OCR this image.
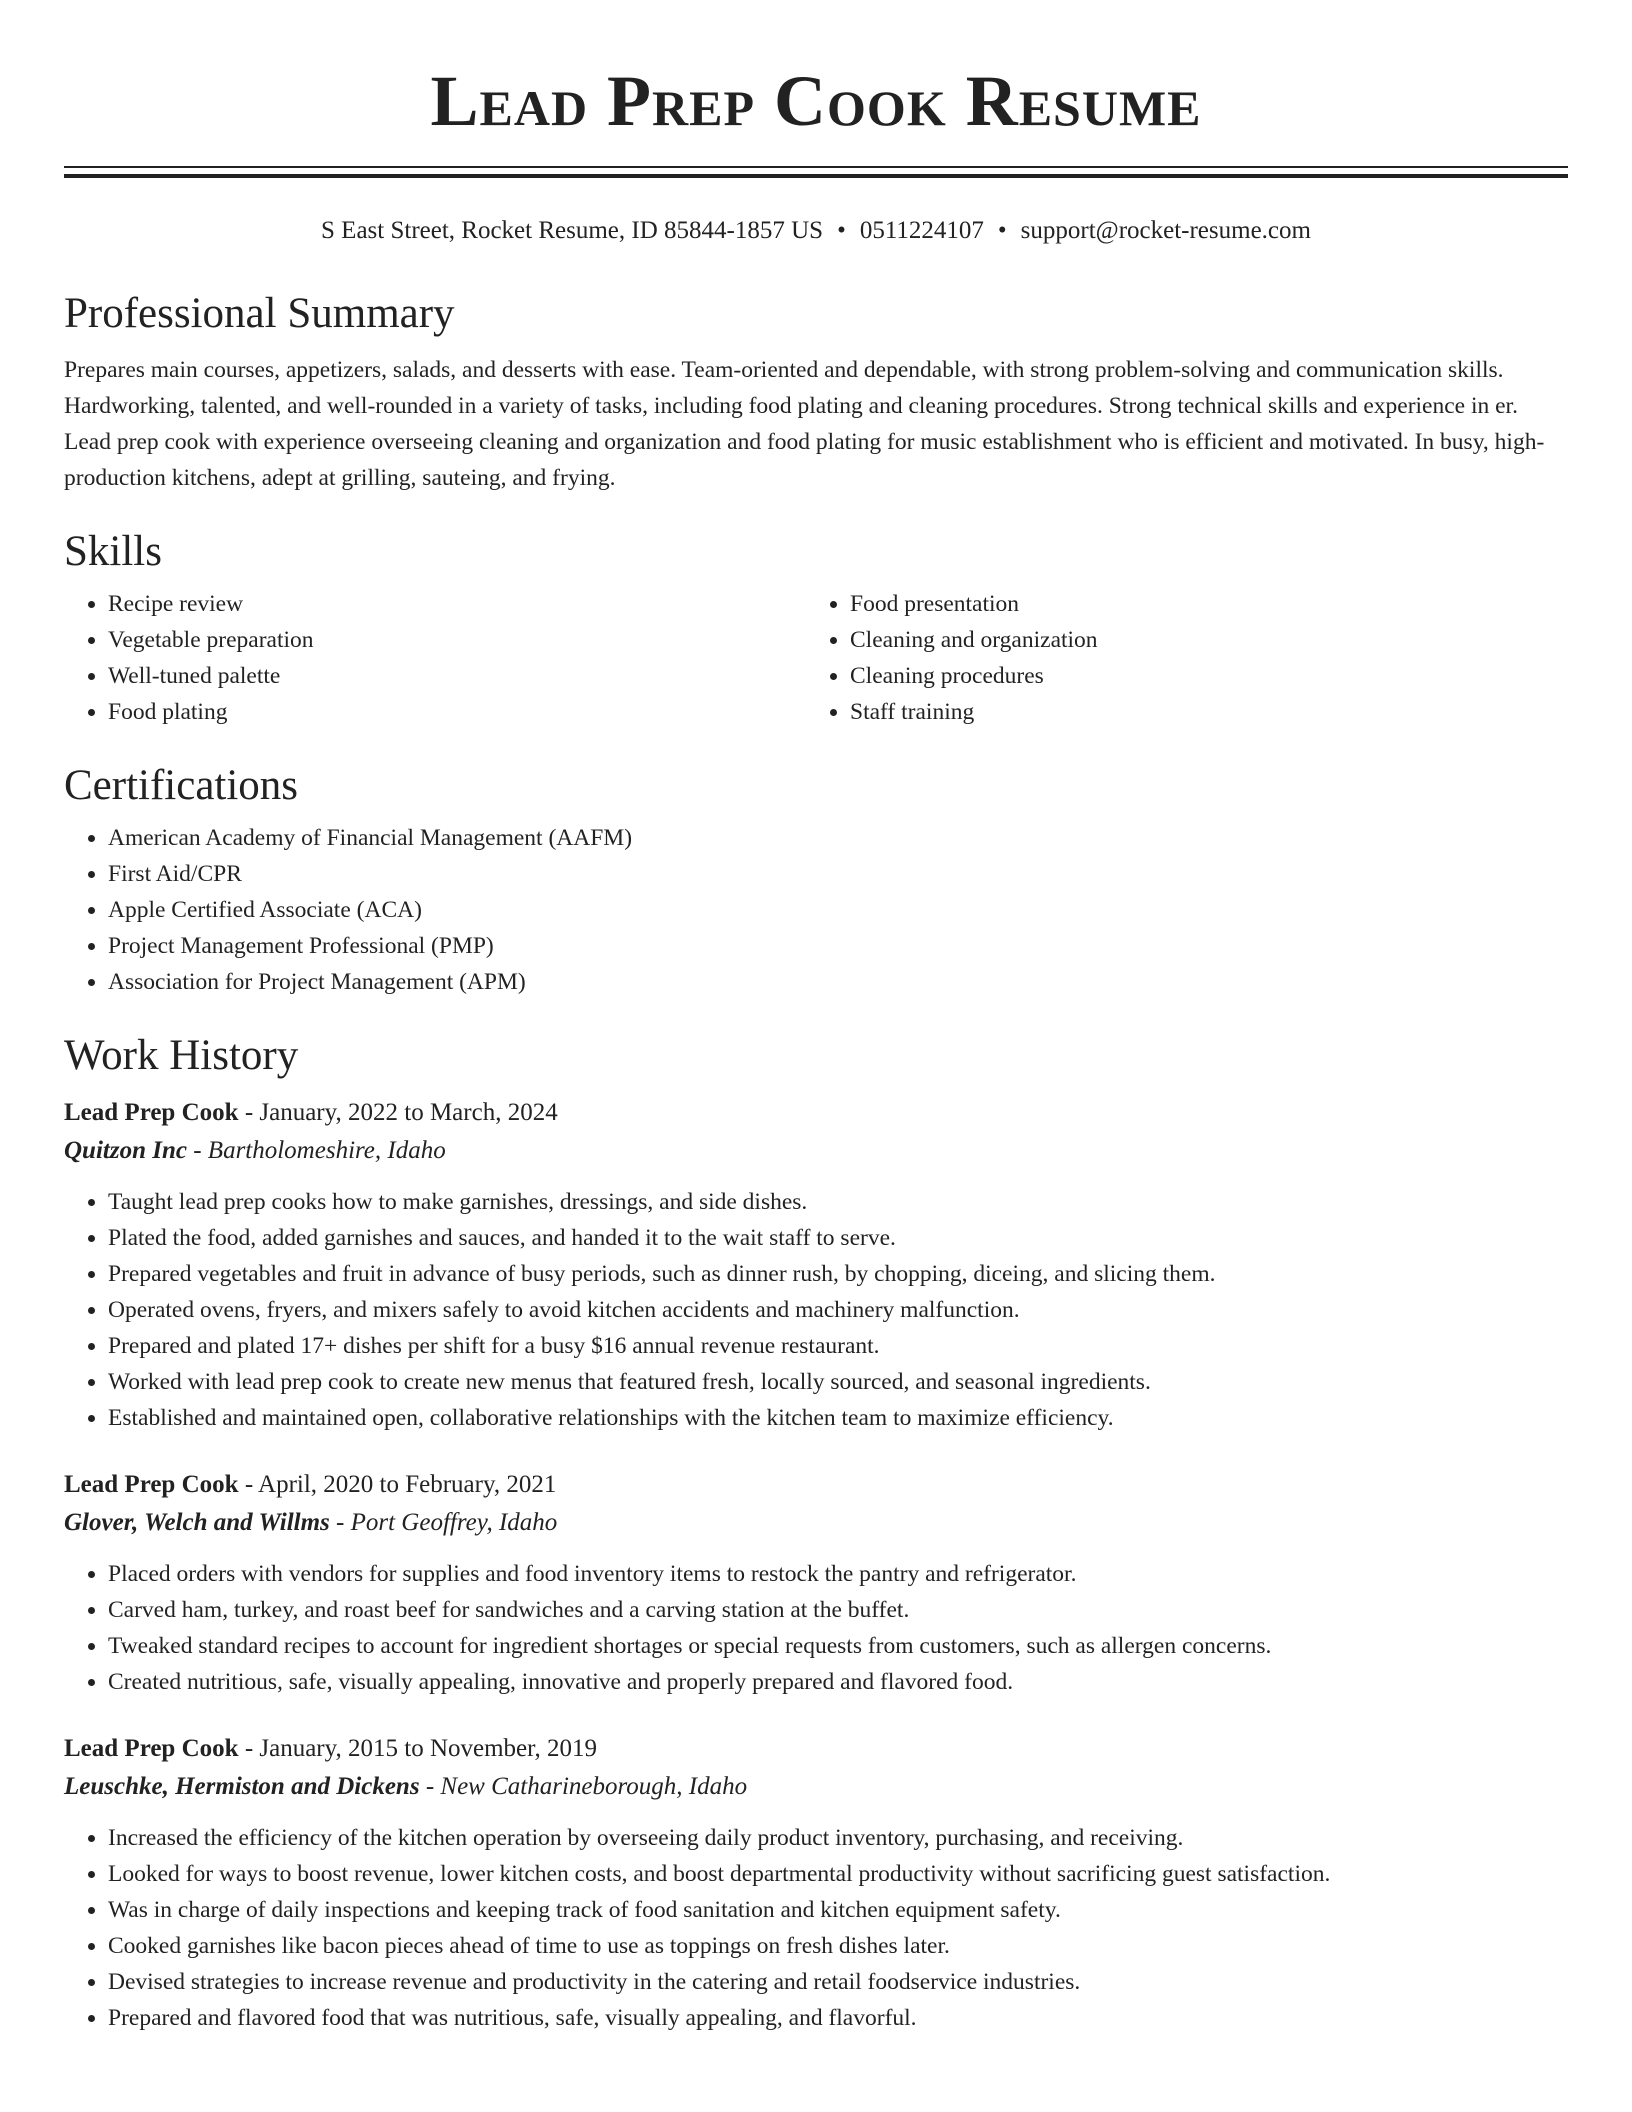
Lead Prep Cook Resume
S East Street, Rocket Resume, ID 85844-1857 US • 0511224107 • support@rocket-resume.com
Professional Summary

Prepares main courses, appetizers, salads, and desserts with ease. Team-oriented and dependable, with strong problem-solving and communication skills. Hardworking, talented, and well-rounded in a variety of tasks, including food plating and cleaning procedures. Strong technical skills and experience in er. Lead prep cook with experience overseeing cleaning and organization and food plating for music establishment who is efficient and motivated. In busy, high-production kitchens, adept at grilling, sauteing, and frying.

Skills
• Recipe review
• Vegetable preparation
• Well-tuned palette
• Food plating
• Food presentation
• Cleaning and organization
• Cleaning procedures
• Staff training
Certifications
• American Academy of Financial Management (AAFM)
• First Aid/CPR
• Apple Certified Associate (ACA)
• Project Management Professional (PMP)
• Association for Project Management (APM)
Work History
Lead Prep Cook - January, 2022 to March, 2024
Quitzon Inc - Bartholomeshire, Idaho
• Taught lead prep cooks how to make garnishes, dressings, and side dishes.
• Plated the food, added garnishes and sauces, and handed it to the wait staff to serve.
• Prepared vegetables and fruit in advance of busy periods, such as dinner rush, by chopping, diceing, and slicing them.
• Operated ovens, fryers, and mixers safely to avoid kitchen accidents and machinery malfunction.
• Prepared and plated 17+ dishes per shift for a busy $16 annual revenue restaurant.
• Worked with lead prep cook to create new menus that featured fresh, locally sourced, and seasonal ingredients.
• Established and maintained open, collaborative relationships with the kitchen team to maximize efficiency.
Lead Prep Cook - April, 2020 to February, 2021
Glover, Welch and Willms - Port Geoffrey, Idaho
• Placed orders with vendors for supplies and food inventory items to restock the pantry and refrigerator.
• Carved ham, turkey, and roast beef for sandwiches and a carving station at the buffet.
• Tweaked standard recipes to account for ingredient shortages or special requests from customers, such as allergen concerns.
• Created nutritious, safe, visually appealing, innovative and properly prepared and flavored food.
Lead Prep Cook - January, 2015 to November, 2019
Leuschke, Hermiston and Dickens - New Catharineborough, Idaho
• Increased the efficiency of the kitchen operation by overseeing daily product inventory, purchasing, and receiving.
• Looked for ways to boost revenue, lower kitchen costs, and boost departmental productivity without sacrificing guest satisfaction.
• Was in charge of daily inspections and keeping track of food sanitation and kitchen equipment safety.
• Cooked garnishes like bacon pieces ahead of time to use as toppings on fresh dishes later.
• Devised strategies to increase revenue and productivity in the catering and retail foodservice industries.
• Prepared and flavored food that was nutritious, safe, visually appealing, and flavorful.
